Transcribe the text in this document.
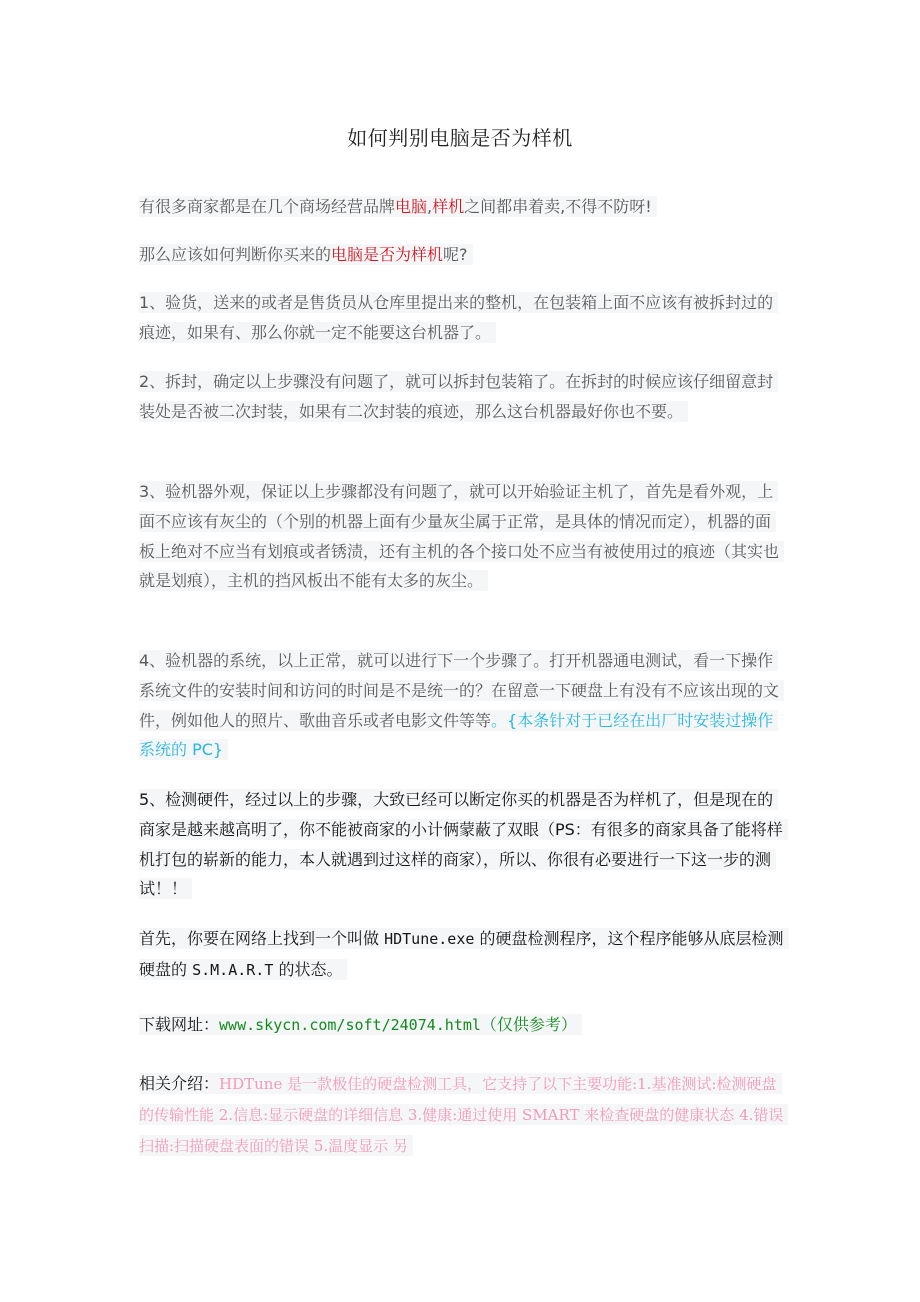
如何判别电脑是否为样机
有很多商家都是在几个商场经营品牌电脑,样机之间都串着卖,不得不防呀!
那么应该如何判断你买来的电脑是否为样机呢?
1、验货，送来的或者是售货员从仓库里提出来的整机，在包装箱上面不应该有被拆封过的痕迹，如果有、那么你就一定不能要这台机器了。
2、拆封，确定以上步骤没有问题了，就可以拆封包装箱了。在拆封的时候应该仔细留意封装处是否被二次封装，如果有二次封装的痕迹，那么这台机器最好你也不要。
3、验机器外观，保证以上步骤都没有问题了，就可以开始验证主机了，首先是看外观，上面不应该有灰尘的（个别的机器上面有少量灰尘属于正常，是具体的情况而定），机器的面板上绝对不应当有划痕或者锈渍，还有主机的各个接口处不应当有被使用过的痕迹（其实也就是划痕），主机的挡风板出不能有太多的灰尘。
4、验机器的系统，以上正常，就可以进行下一个步骤了。打开机器通电测试，看一下操作系统文件的安装时间和访问的时间是不是统一的？在留意一下硬盘上有没有不应该出现的文件，例如他人的照片、歌曲音乐或者电影文件等等。{本条针对于已经在出厂时安装过操作系统的 PC}
5、检测硬件，经过以上的步骤，大致已经可以断定你买的机器是否为样机了，但是现在的商家是越来越高明了，你不能被商家的小计俩蒙蔽了双眼（PS：有很多的商家具备了能将样机打包的崭新的能力，本人就遇到过这样的商家），所以、你很有必要进行一下这一步的测试！！
首先，你要在网络上找到一个叫做 HDTune.exe 的硬盘检测程序，这个程序能够从底层检测硬盘的 S.M.A.R.T 的状态。
下载网址：www.skycn.com/soft/24074.html（仅供参考）
相关介绍：HDTune 是一款极佳的硬盘检测工具，它支持了以下主要功能:1.基准测试:检测硬盘的传输性能 2.信息:显示硬盘的详细信息 3.健康:通过使用 SMART 来检查硬盘的健康状态 4.错误扫描:扫描硬盘表面的错误 5.温度显示 另
